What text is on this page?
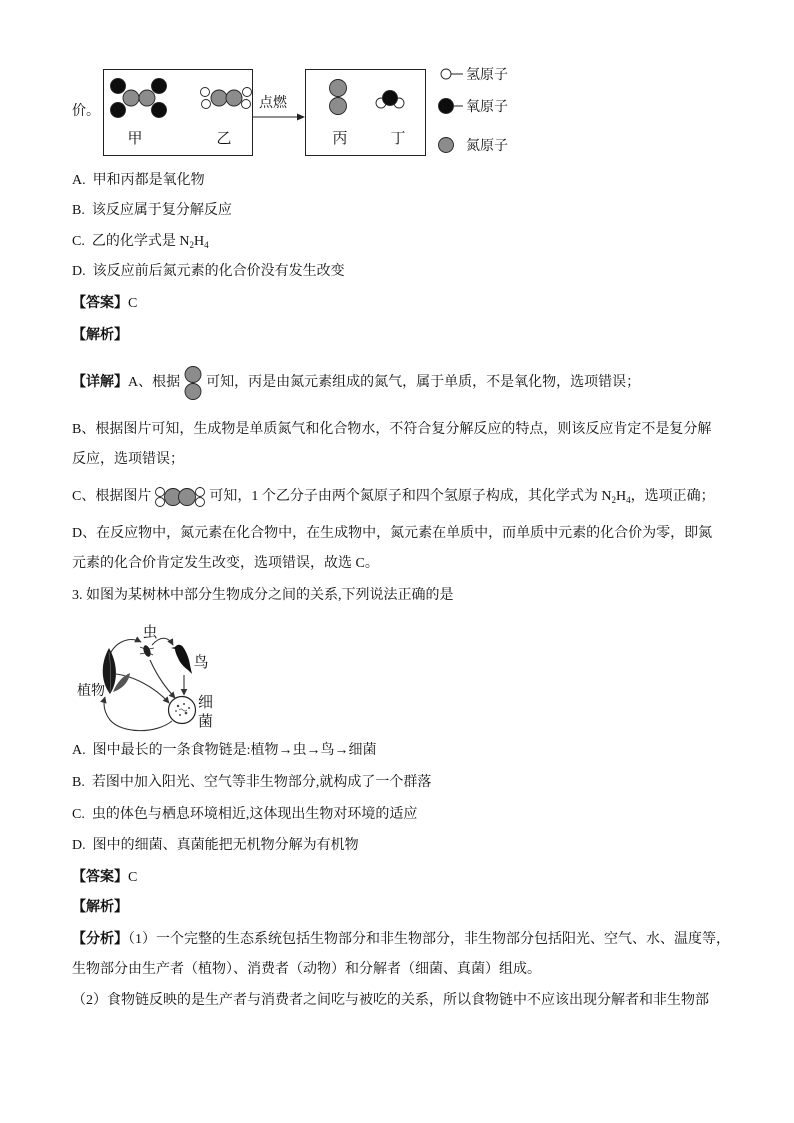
价。
甲	乙
点燃
丙	丁
氢原子
氧原子
氮原子
A. 甲和丙都是氧化物
B. 该反应属于复分解反应
C. 乙的化学式是 $N_2H_4$
D. 该反应前后氮元素的化合价没有发生改变
【答案】C
【解析】
【详解】A、根据 可知，丙是由氮元素组成的氮气，属于单质，不是氧化物，选项错误；
B、根据图片可知，生成物是单质氮气和化合物水，不符合复分解反应的特点，则该反应肯定不是复分解
反应，选项错误；
C、根据图片	可知，1 个乙分子由两个氮原子和四个氢原子构成，其化学式为 $N_2H_4$，选项正确；
D、在反应物中，氮元素在化合物中，在生成物中，氮元素在单质中，而单质中元素的化合价为零，即氮
元素的化合价肯定发生改变，选项错误，故选 C。
3. 如图为某树林中部分生物成分之间的关系,下列说法正确的是
虫
鸟
植物
细菌
A. 图中最长的一条食物链是:植物→虫→鸟→细菌
B. 若图中加入阳光、空气等非生物部分,就构成了一个群落
C. 虫的体色与栖息环境相近,这体现出生物对环境的适应
D. 图中的细菌、真菌能把无机物分解为有机物
【答案】C
【解析】
【分析】（1）一个完整的生态系统包括生物部分和非生物部分，非生物部分包括阳光、空气、水、温度等，
生物部分由生产者（植物）、消费者（动物）和分解者（细菌、真菌）组成。
（2）食物链反映的是生产者与消费者之间吃与被吃的关系，所以食物链中不应该出现分解者和非生物部
